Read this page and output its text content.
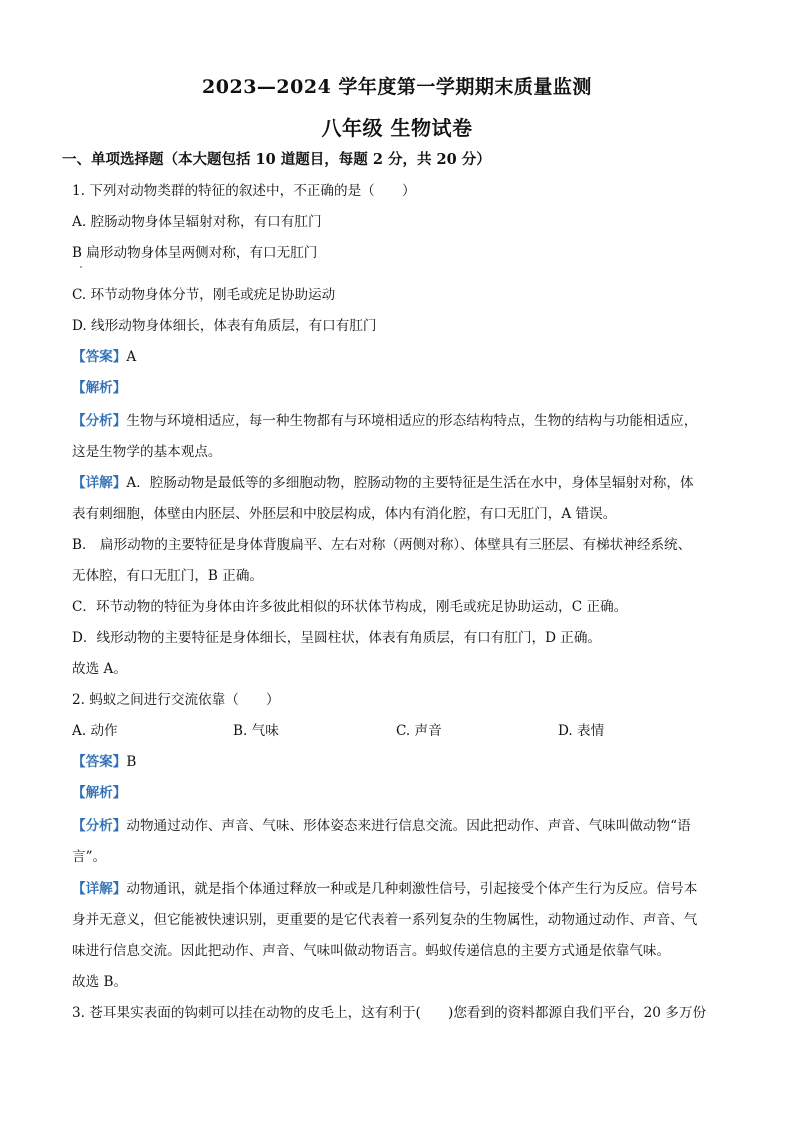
2023—2024 学年度第一学期期末质量监测
八年级 生物试卷
一、单项选择题（本大题包括 10 道题目，每题 2 分，共 20 分）
1. 下列对动物类群的特征的叙述中，不正确的是（　　）
A. 腔肠动物身体呈辐射对称，有口有肛门
B 扁形动物身体呈两侧对称，有口无肛门
C. 环节动物身体分节，刚毛或疣足协助运动
D. 线形动物身体细长，体表有角质层，有口有肛门
【答案】A
【解析】
【分析】生物与环境相适应，每一种生物都有与环境相适应的形态结构特点，生物的结构与功能相适应，
这是生物学的基本观点。
【详解】A．腔肠动物是最低等的多细胞动物，腔肠动物的主要特征是生活在水中，身体呈辐射对称，体
表有刺细胞，体壁由内胚层、外胚层和中胶层构成，体内有消化腔，有口无肛门，A 错误。
B． 扁形动物的主要特征是身体背腹扁平、左右对称（两侧对称）、体壁具有三胚层、有梯状神经系统、
无体腔，有口无肛门，B 正确。
C．环节动物的特征为身体由许多彼此相似的环状体节构成，刚毛或疣足协助运动，C 正确。
D．线形动物的主要特征是身体细长，呈圆柱状，体表有角质层，有口有肛门，D 正确。
故选 A。
2. 蚂蚁之间进行交流依靠（　　）
A. 动作	B. 气味	C. 声音	D. 表情
【答案】B
【解析】
【分析】动物通过动作、声音、气味、形体姿态来进行信息交流。因此把动作、声音、气味叫做动物“语
言”。
【详解】动物通讯，就是指个体通过释放一种或是几种刺激性信号，引起接受个体产生行为反应。信号本
身并无意义，但它能被快速识别，更重要的是它代表着一系列复杂的生物属性，动物通过动作、声音、气
味进行信息交流。因此把动作、声音、气味叫做动物语言。蚂蚁传递信息的主要方式通是依靠气味。
故选 B。
3. 苍耳果实表面的钩刺可以挂在动物的皮毛上，这有利于(　　)您看到的资料都源自我们平台，20 多万份
